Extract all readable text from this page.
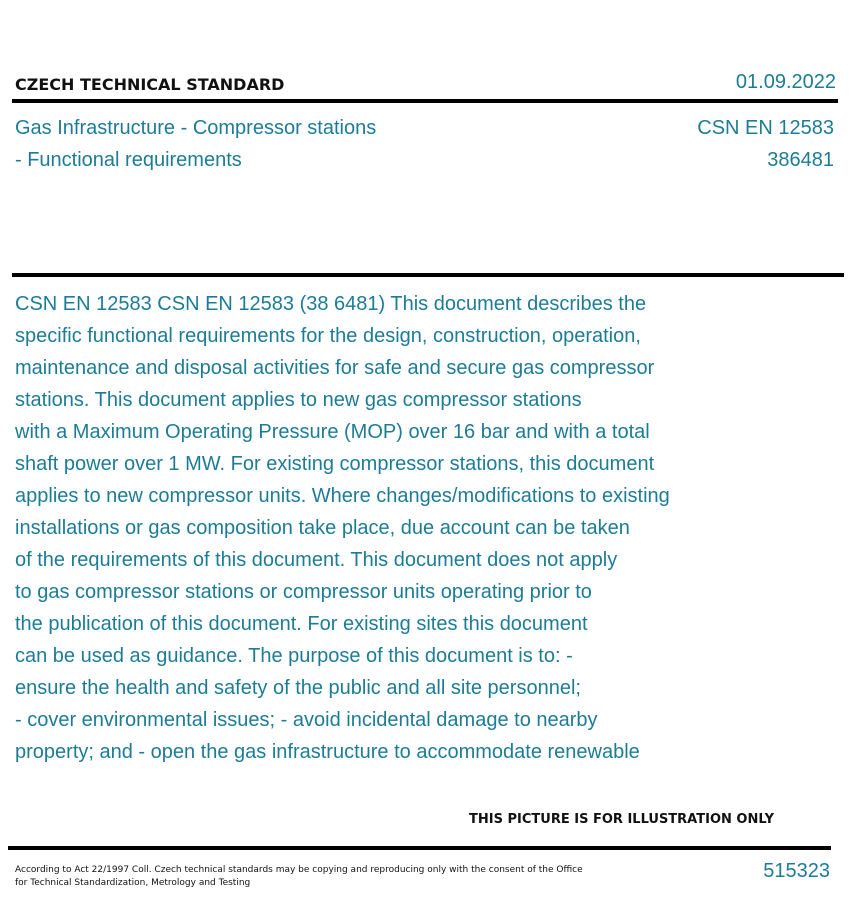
CZECH TECHNICAL STANDARD	01.09.2022
Gas Infrastructure - Compressor stations
- Functional requirements
CSN EN 12583
386481
CSN EN 12583 CSN EN 12583 (38 6481) This document describes the
specific functional requirements for the design, construction, operation,
maintenance and disposal activities for safe and secure gas compressor
stations. This document applies to new gas compressor stations
with a Maximum Operating Pressure (MOP) over 16 bar and with a total
shaft power over 1 MW. For existing compressor stations, this document
applies to new compressor units. Where changes/modifications to existing
installations or gas composition take place, due account can be taken
of the requirements of this document. This document does not apply
to gas compressor stations or compressor units operating prior to
the publication of this document. For existing sites this document
can be used as guidance. The purpose of this document is to: -
ensure the health and safety of the public and all site personnel;
- cover environmental issues; - avoid incidental damage to nearby
property; and - open the gas infrastructure to accommodate renewable
THIS PICTURE IS FOR ILLUSTRATION ONLY
According to Act 22/1997 Coll. Czech technical standards may be copying and reproducing only with the consent of the Office
for Technical Standardization, Metrology and Testing
515323
